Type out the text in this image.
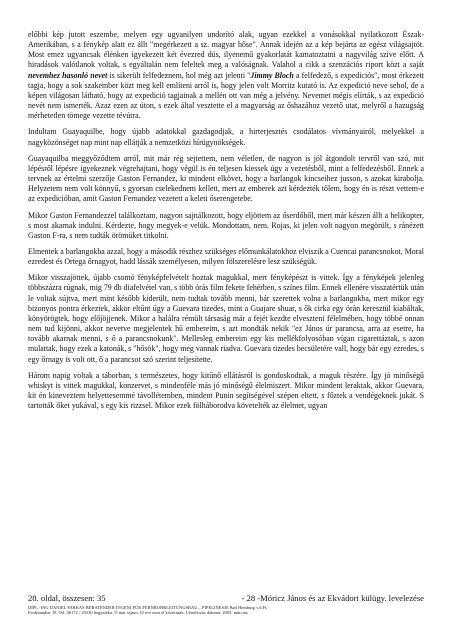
előbbi kép jutott eszembe, melyen egy ugyanilyen undorító alak, ugyan ezekkel a vonásokkal nyilatkozott Észak-Amerikában, s a fénykép alatt ez állt "megérkezett a sz. magyar hőse". Annak idején az a kép bejárta az egész világsajtót. Most emez ugyancsak élénken igyekezett két évezred dús, ilyenemű gyakorlatát kamatoztatni a nagyvilág szíve előtt. A hiradások valótlanok voltak, s egyáltalán nem feleltek meg a valóságnak. Valahol a cikk a szenzációs riport közt a saját nevemhez hasonló nevet is sikerült felfedeznem, hol még azt jelenti "Jimmy Bloch a felfedező, s expediciós", most érkezett tagja, hogy a sok szakember közt meg kell említeni arról is, hogy jelen volt Morritz kutató is. Az expedició neve sehol, de a képen világosan látható, hogy az expedició tagjainak a mellén ott van még a jelvény. Nevemet mégis elírták, s az expedició nevét nem ismerték. Azaz ezen az úton, s ezek által vesztette el a magyarság az őshazához vezető utat, melyről a hazugság mérhetetlen tömege vezette tévútra.

Indultam Guayaquilbe, hogy újabb adatokkal gazdagodjak, a hirterjesztés csodálatos vívmányairól, melyekkel a nagyközönséget nap mint nap ellátják a nemzetközi hírügynökségek.

Guayaquilba meggyőződtem arról, mit már rég sejtettem, nem véletlen, de nagyon is jól átgondolt tervről van szó, mit lépésről lépésre igyekeznek végrehajtani, hogy végül is én teljesen kiessek úgy a vezetésből, mint a felfedezésből. Ennek a tervnek az értelmi szerzője Gaston Fernandez, ki mindent elkövet, hogy a barlangok kincseihez jusson, s azokat kirabolja. Helyzetem nem volt könnyű, s gyorsan cselekednem kellett, mert az emberek azt kérdezték tőlem, hogy én is részt vettem-e az expedicióban, amit Gaston Fernandez vezetett a keleti őserengetebe.

Mikor Gaston Fernandezzel találkoztam, nagyon sajnálkozott, hogy eljöttem az őserdőből, mert már készen állt a helikopter, s most akarnak indulni. Kérdezte, hogy megyek-e velük. Mondottam, nem. Rojas, ki jelen volt nagyon megörült, s ránézett Gaston F-ra, s nem tudták örömüket titkolni.

Elmentek a barlangokba azzal, hogy a második részhez szükséges előmunkálatokhoz elviszik a Cuencai parancsnokot, Moral ezredest és Ortega őrnagyot, hadd lássák személyesen, milyen fölszerelésre lesz szükségük.

Mikor visszajöttek, újabb csomó fényképfelvételt hoztak magukkal, mert fényképészt is vittek. Így a fényképek jelenleg többszázra rúgnak, mig 79 db diafelvétel van, s több órás film fekete fehérben, s színes film. Ennek ellenére visszatértük után le voltak sújtva, mert mint később kiderült, nem tudtak tovább menni, bár szerettek volna a barlangokba, mert mikor egy bizonyos pontra érkeztek, akkor eltűnt úgy a Guevara tizedes, mint a Guajare shuar, s ők cirka egy órán keresztül kiabáltak, könyörögtek, hogy előjöjjenek. Mikor a halálra rémült társaság már a fejét kezdte elveszteni félelmében, hogy többé onnan nem tud kijönni, akkor nevetve megjelentek hű embereim, s azt mondták nekik "ez János úr parancsa, arra az esetre, ha tovább akarnak menni, s ő a parancsnokunk". Mellesleg embereim egy kis mellékfolyosóban vígan cigarettáztak, s azon mulattak, hogy ezek a katonák, s "hősök", hogy meg vannak riadva. Guevara tizedes becsületére vall, hogy bár egy ezredes, s egy őrnagy is volt ott, ő a parancsot szó szerint teljesítette.

Három napig voltak a táborban, s természetes, hogy kitűnő ellátásról is gondoskodtak, a maguk részére. Így jó minőségű whiskyt is vittek magukkal, konzervet, s mindenféle más jó minőségű élelmiszert. Mikor mindent leraktak, akkor Guevara, kit én kineveztem helyettesemmé távollétemben, mindent Punin segítségével szépen eltett, s főztek a vendégeknek jukát. S tartották őket yukával, s egy kis rizzsel. Mikor ezek fölháborodva követelték az élelmet, ugyan

28. oldal, összesen: 35	- 28 -Móricz János és az Ekvádori külügy. levelezése
DIPL.-ING DANIEL FARKAS BERATENDER INGENI FÜR FERNROHRLEITUNGSBAU – PIPELINES38 Bad Homburg v.d.H.
Ferdinandstr 19, Tel. 06172 / 29330 hagyatéka. Ó már sajnos 10 éve nem él közöttünk. Létrehozás dátuma: 2003. március
